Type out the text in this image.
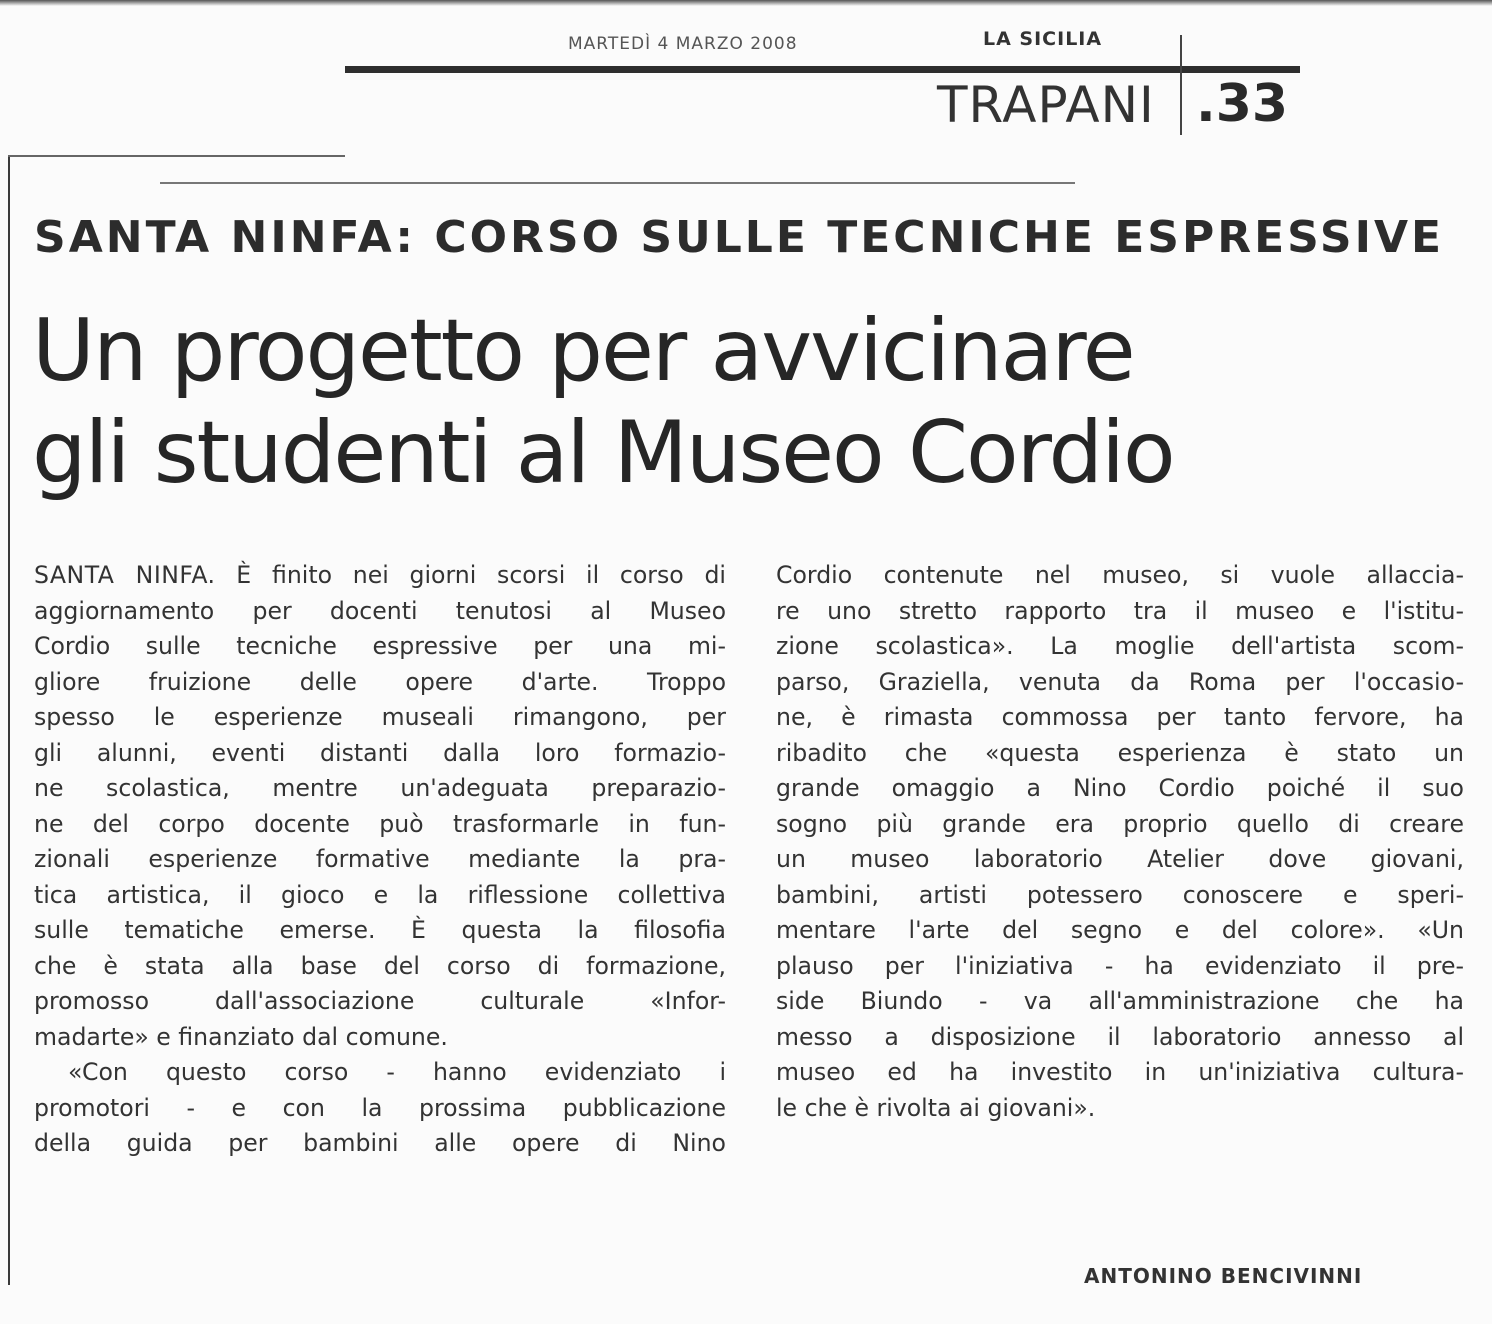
MARTEDÌ 4 MARZO 2008	LA SICILIA
TRAPANI .33
SANTA NINFA: CORSO SULLE TECNICHE ESPRESSIVE
Un progetto per avvicinare
gli studenti al Museo Cordio

SANTA NINFA. È finito nei giorni scorsi il corso di
aggiornamento per docenti tenutosi al Museo
Cordio sulle tecniche espressive per una mi-
gliore fruizione delle opere d'arte. Troppo
spesso le esperienze museali rimangono, per
gli alunni, eventi distanti dalla loro formazio-
ne scolastica, mentre un'adeguata preparazio-
ne del corpo docente può trasformarle in fun-
zionali esperienze formative mediante la pra-
tica artistica, il gioco e la riflessione collettiva
sulle tematiche emerse. È questa la filosofia
che è stata alla base del corso di formazione,
promosso dall'associazione culturale «Infor-
madarte» e finanziato dal comune.

«Con questo corso - hanno evidenziato i
promotori - e con la prossima pubblicazione
della guida per bambini alle opere di Nino

Cordio contenute nel museo, si vuole allaccia-
re uno stretto rapporto tra il museo e l'istitu-
zione scolastica». La moglie dell'artista scom-
parso, Graziella, venuta da Roma per l'occasio-
ne, è rimasta commossa per tanto fervore, ha
ribadito che «questa esperienza è stato un
grande omaggio a Nino Cordio poiché il suo
sogno più grande era proprio quello di creare
un museo laboratorio Atelier dove giovani,
bambini, artisti potessero conoscere e speri-
mentare l'arte del segno e del colore». «Un
plauso per l'iniziativa - ha evidenziato il pre-
side Biundo - va all'amministrazione che ha
messo a disposizione il laboratorio annesso al
museo ed ha investito in un'iniziativa cultura-
le che è rivolta ai giovani».

ANTONINO BENCIVINNI
